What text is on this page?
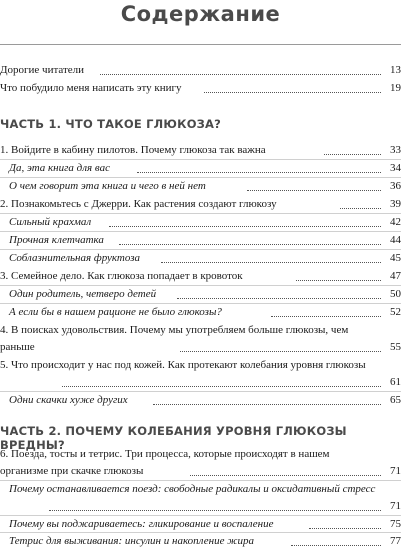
Содержание
Дорогие читатели	13
Что побудило меня написать эту книгу	19
ЧАСТЬ 1. ЧТО ТАКОЕ ГЛЮКОЗА?
1. Войдите в кабину пилотов. Почему глюкоза так важна	33
Да, эта книга для вас	34
О чем говорит эта книга и чего в ней нет	36
2. Познакомьтесь с Джерри. Как растения создают глюкозу	39
Сильный крахмал	42
Прочная клетчатка	44
Соблазнительная фруктоза	45
3. Семейное дело. Как глюкоза попадает в кровоток	47
Один родитель, четверо детей	50
А если бы в нашем рационе не было глюкозы?	52
4. В поисках удовольствия. Почему мы употребляем больше глюкозы, чем раньше	55
5. Что происходит у нас под кожей. Как протекают колебания уровня глюкозы
61
Одни скачки хуже других	65
ЧАСТЬ 2. ПОЧЕМУ КОЛЕБАНИЯ УРОВНЯ ГЛЮКОЗЫ ВРЕДНЫ?
6. Поезда, тосты и тетрис. Три процесса, которые происходят в нашем организме при скачке глюкозы	71
Почему останавливается поезд: свободные радикалы и оксидативный стресс
71
Почему вы поджариваетесь: гликирование и воспаление	75
Тетрис для выживания: инсулин и накопление жира	77
